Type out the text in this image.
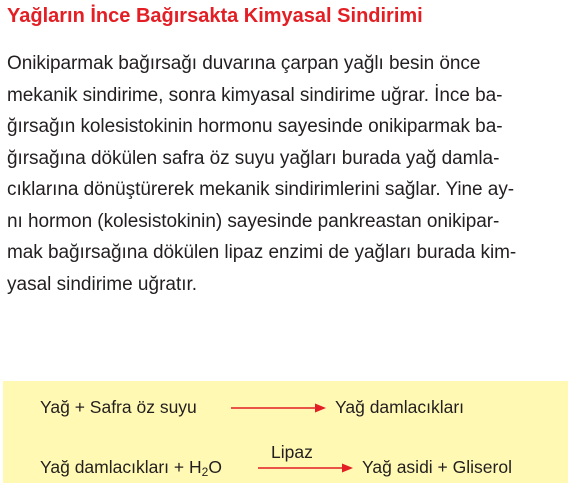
Yağların İnce Bağırsakta Kimyasal Sindirimi
Onikiparmak bağırsağı duvarına çarpan yağlı besin önce
mekanik sindirime, sonra kimyasal sindirime uğrar. İnce ba-
ğırsağın kolesistokinin hormonu sayesinde onikiparmak ba-
ğırsağına dökülen safra öz suyu yağları burada yağ damla-
cıklarına dönüştürerek mekanik sindirimlerini sağlar. Yine ay-
nı hormon (kolesistokinin) sayesinde pankreastan onikipar-
mak bağırsağına dökülen lipaz enzimi de yağları burada kim-
yasal sindirime uğratır.
Yağ + Safra öz suyu	Yağ damlacıkları
Yağ damlacıkları + $H_2O$
Lipaz
Yağ asidi + Gliserol
